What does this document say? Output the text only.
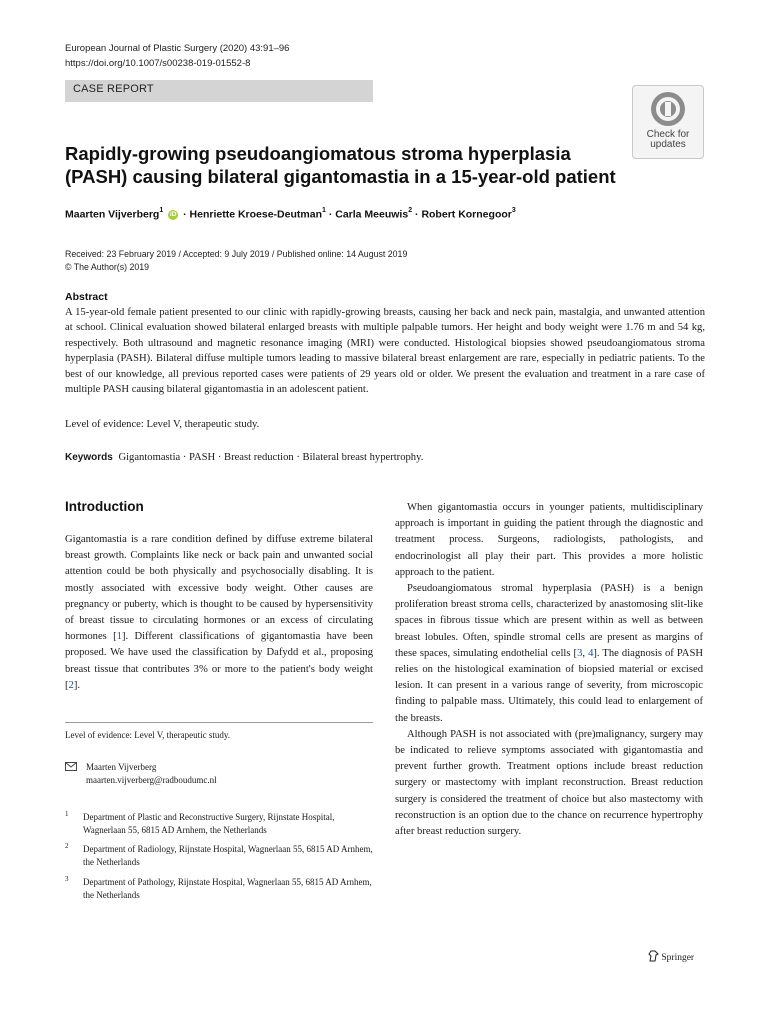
European Journal of Plastic Surgery (2020) 43:91–96
https://doi.org/10.1007/s00238-019-01552-8
CASE REPORT
Check for
updates
Rapidly-growing pseudoangiomatous stroma hyperplasia (PASH) causing bilateral gigantomastia in a 15-year-old patient
Maarten Vijverberg$^1$ iD · Henriette Kroese-Deutman$^1$ · Carla Meeuwis$^2$ · Robert Kornegoor$^3$
Received: 23 February 2019 / Accepted: 9 July 2019 / Published online: 14 August 2019
© The Author(s) 2019
Abstract
A 15-year-old female patient presented to our clinic with rapidly-growing breasts, causing her back and neck pain, mastalgia, and unwanted attention at school. Clinical evaluation showed bilateral enlarged breasts with multiple palpable tumors. Her height and body weight were 1.76 m and 54 kg, respectively. Both ultrasound and magnetic resonance imaging (MRI) were conducted. Histological biopsies showed pseudoangiomatous stroma hyperplasia (PASH). Bilateral diffuse multiple tumors leading to massive bilateral breast enlargement are rare, especially in pediatric patients. To the best of our knowledge, all previous reported cases were patients of 29 years old or older. We present the evaluation and treatment in a rare case of multiple PASH causing bilateral gigantomastia in an adolescent patient.
Level of evidence: Level V, therapeutic study.
Keywords Gigantomastia · PASH · Breast reduction · Bilateral breast hypertrophy.
Introduction

Gigantomastia is a rare condition defined by diffuse extreme bilateral breast growth. Complaints like neck or back pain and unwanted social attention could be both physically and psychosocially disabling. It is mostly associated with excessive body weight. Other causes are pregnancy or puberty, which is thought to be caused by hypersensitivity of breast tissue to circulating hormones or an excess of circulating hormones [1]. Different classifications of gigantomastia have been proposed. We have used the classification by Dafydd et al., proposing breast tissue that contributes 3% or more to the patient's body weight [2].

When gigantomastia occurs in younger patients, multidisciplinary approach is important in guiding the patient through the diagnostic and treatment process. Surgeons, radiologists, pathologists, and endocrinologist all play their part. This provides a more holistic approach to the patient.

Pseudoangiomatous stromal hyperplasia (PASH) is a benign proliferation breast stroma cells, characterized by anastomosing slit-like spaces in fibrous tissue which are present within as well as between breast lobules. Often, spindle stromal cells are present as margins of these spaces, simulating endothelial cells [3, 4]. The diagnosis of PASH relies on the histological examination of biopsied material or excised lesion. It can present in a various range of severity, from microscopic finding to palpable mass. Ultimately, this could lead to enlargement of the breasts.

Although PASH is not associated with (pre)malignancy, surgery may be indicated to relieve symptoms associated with gigantomastia and prevent further growth. Treatment options include breast reduction surgery or mastectomy with implant reconstruction. Breast reduction surgery is considered the treatment of choice but also mastectomy with reconstruction is an option due to the chance on recurrence hypertrophy after breast reduction surgery.

Level of evidence: Level V, therapeutic study.
Maarten Vijverberg
maarten.vijverberg@radboudumc.nl
1 Department of Plastic and Reconstructive Surgery, Rijnstate Hospital, Wagnerlaan 55, 6815 AD Arnhem, the Netherlands
2 Department of Radiology, Rijnstate Hospital, Wagnerlaan 55, 6815 AD Arnhem, the Netherlands
3 Department of Pathology, Rijnstate Hospital, Wagnerlaan 55, 6815 AD Arnhem, the Netherlands
Springer
